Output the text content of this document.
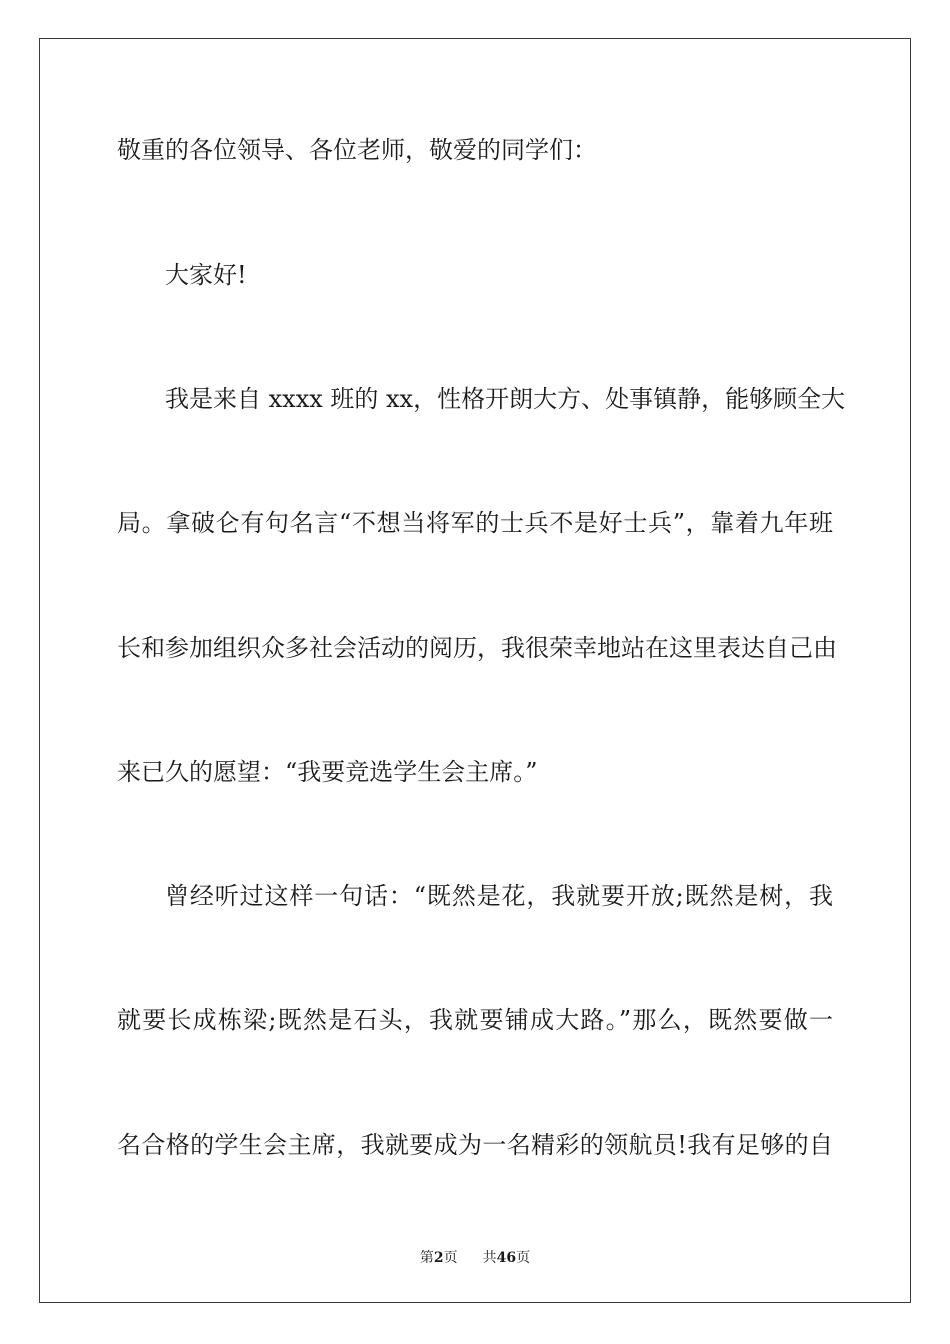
敬重的各位领导、各位老师，敬爱的同学们：
大家好!
我是来自 xxxx 班的 xx，性格开朗大方、处事镇静，能够顾全大
局。拿破仑有句名言“不想当将军的士兵不是好士兵”，靠着九年班
长和参加组织众多社会活动的阅历，我很荣幸地站在这里表达自己由
来已久的愿望：“我要竞选学生会主席。”
曾经听过这样一句话：“既然是花，我就要开放;既然是树，我
就要长成栋梁;既然是石头，我就要铺成大路。”那么，既然要做一
名合格的学生会主席，我就要成为一名精彩的领航员!我有足够的自
第2页 共46页
